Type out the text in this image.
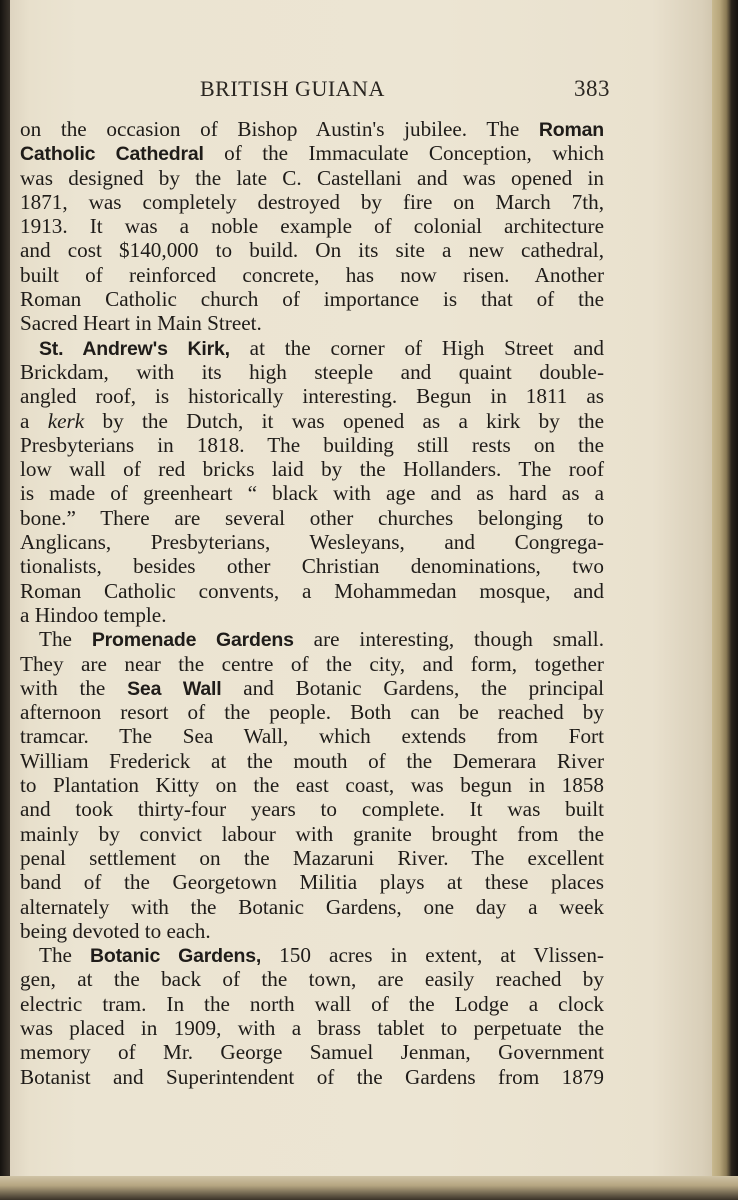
BRITISH GUIANA	383
on the occasion of Bishop Austin's jubilee. The Roman
Catholic Cathedral of the Immaculate Conception, which
was designed by the late C. Castellani and was opened in
1871, was completely destroyed by fire on March 7th,
1913. It was a noble example of colonial architecture
and cost $140,000 to build. On its site a new cathedral,
built of reinforced concrete, has now risen. Another
Roman Catholic church of importance is that of the
Sacred Heart in Main Street.
St. Andrew's Kirk, at the corner of High Street and
Brickdam, with its high steeple and quaint double-
angled roof, is historically interesting. Begun in 1811 as
a kerk by the Dutch, it was opened as a kirk by the
Presbyterians in 1818. The building still rests on the
low wall of red bricks laid by the Hollanders. The roof
is made of greenheart “ black with age and as hard as a
bone.” There are several other churches belonging to
Anglicans, Presbyterians, Wesleyans, and Congrega-
tionalists, besides other Christian denominations, two
Roman Catholic convents, a Mohammedan mosque, and
a Hindoo temple.
The Promenade Gardens are interesting, though small.
They are near the centre of the city, and form, together
with the Sea Wall and Botanic Gardens, the principal
afternoon resort of the people. Both can be reached by
tramcar. The Sea Wall, which extends from Fort
William Frederick at the mouth of the Demerara River
to Plantation Kitty on the east coast, was begun in 1858
and took thirty-four years to complete. It was built
mainly by convict labour with granite brought from the
penal settlement on the Mazaruni River. The excellent
band of the Georgetown Militia plays at these places
alternately with the Botanic Gardens, one day a week
being devoted to each.
The Botanic Gardens, 150 acres in extent, at Vlissen-
gen, at the back of the town, are easily reached by
electric tram. In the north wall of the Lodge a clock
was placed in 1909, with a brass tablet to perpetuate the
memory of Mr. George Samuel Jenman, Government
Botanist and Superintendent of the Gardens from 1879
